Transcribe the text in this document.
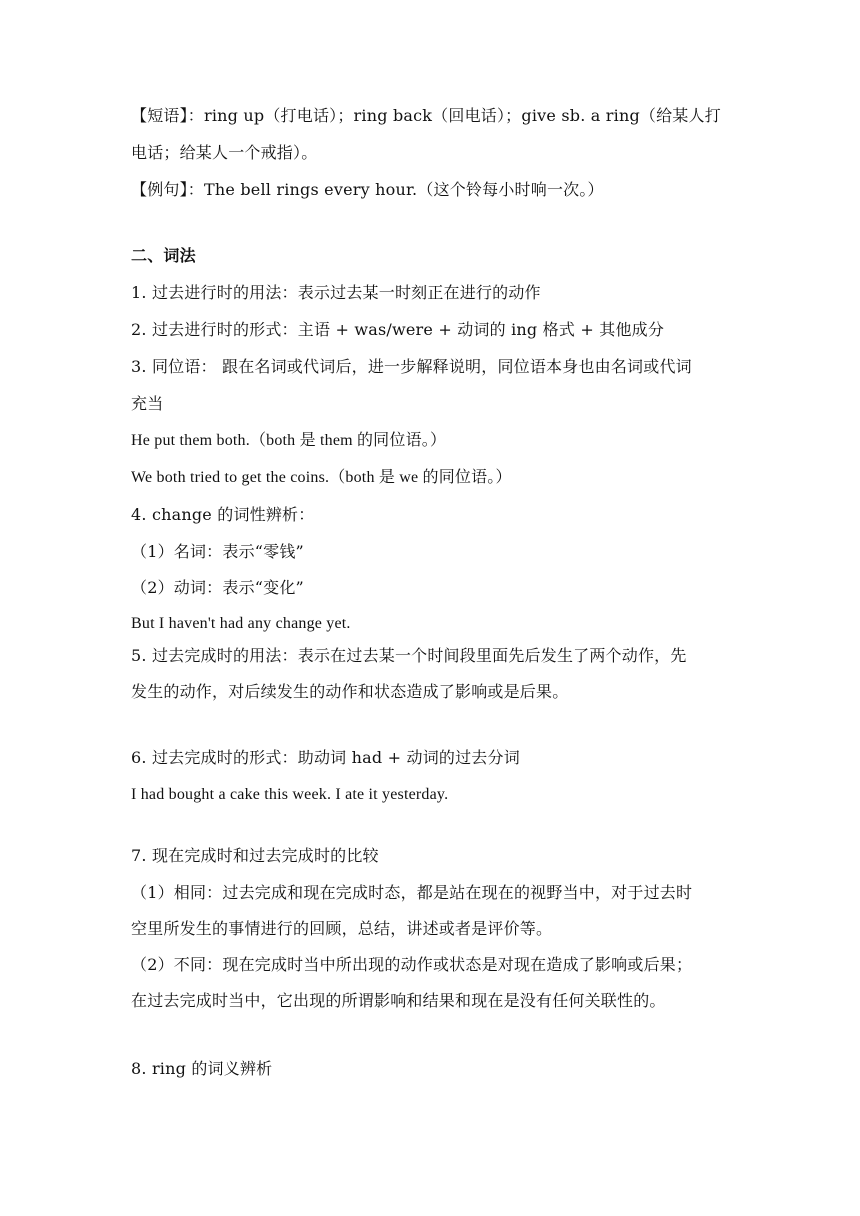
【短语】：ring up（打电话）；ring back（回电话）；give sb. a ring（给某人打
电话；给某人一个戒指）。
【例句】：The bell rings every hour.（这个铃每小时响一次。）
二、词法
1. 过去进行时的用法：表示过去某一时刻正在进行的动作
2. 过去进行时的形式：主语 + was/were + 动词的 ing 格式 + 其他成分
3. 同位语： 跟在名词或代词后，进一步解释说明，同位语本身也由名词或代词
充当
He put them both.（both 是 them 的同位语。）
We both tried to get the coins.（both 是 we 的同位语。）
4. change 的词性辨析：
（1）名词：表示“零钱”
（2）动词：表示“变化”
But I haven't had any change yet.
5. 过去完成时的用法：表示在过去某一个时间段里面先后发生了两个动作，先
发生的动作，对后续发生的动作和状态造成了影响或是后果。
6. 过去完成时的形式：助动词 had + 动词的过去分词
I had bought a cake this week. I ate it yesterday.
7. 现在完成时和过去完成时的比较
（1）相同：过去完成和现在完成时态，都是站在现在的视野当中，对于过去时
空里所发生的事情进行的回顾，总结，讲述或者是评价等。
（2）不同：现在完成时当中所出现的动作或状态是对现在造成了影响或后果；
在过去完成时当中，它出现的所谓影响和结果和现在是没有任何关联性的。
8. ring 的词义辨析
